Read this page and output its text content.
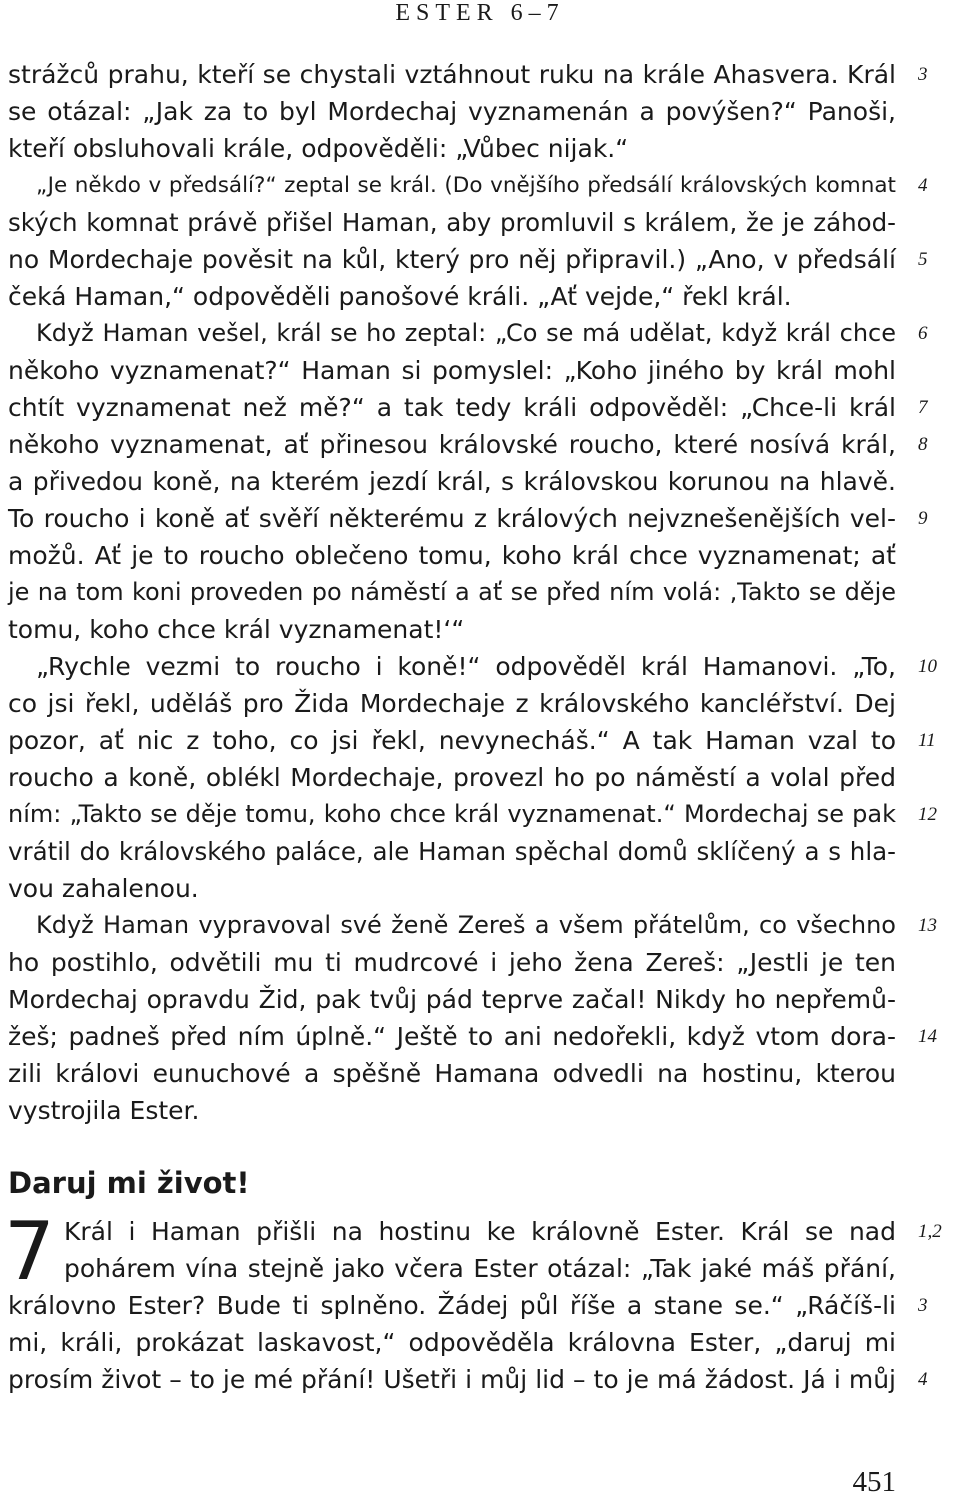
ESTER 6–7
strážců prahu, kteří se chystali vztáhnout ruku na krále Ahasvera. Král 3
se otázal: „Jak za to byl Mordechaj vyznamenán a povýšen?“ Panoši,
kteří obsluhovali krále, odpověděli: „Vůbec nijak.“
„Je někdo v předsálí?“ zeptal se král. (Do vnějšího předsálí královských komnat 4
ských komnat právě přišel Haman, aby promluvil s králem, že je záhod-
no Mordechaje pověsit na kůl, který pro něj připravil.) „Ano, v předsálí 5
čeká Haman,“ odpověděli panošové králi. „Ať vejde,“ řekl král.
Když Haman vešel, král se ho zeptal: „Co se má udělat, když král chce 6
někoho vyznamenat?“ Haman si pomyslel: „Koho jiného by král mohl
chtít vyznamenat než mě?“ a tak tedy králi odpověděl: „Chce-li král 7
někoho vyznamenat, ať přinesou královské roucho, které nosívá král, 8
a přivedou koně, na kterém jezdí král, s královskou korunou na hlavě.
To roucho i koně ať svěří některému z králových nejvznešenějších vel- 9
možů. Ať je to roucho oblečeno tomu, koho král chce vyznamenat; ať
je na tom koni proveden po náměstí a ať se před ním volá: ‚Takto se děje
tomu, koho chce král vyznamenat!‘“
„Rychle vezmi to roucho i koně!“ odpověděl král Hamanovi. „To, 10
co jsi řekl, uděláš pro Žida Mordechaje z královského kancléřství. Dej
pozor, ať nic z toho, co jsi řekl, nevynecháš.“ A tak Haman vzal to 11
roucho a koně, oblékl Mordechaje, provezl ho po náměstí a volal před
ním: „Takto se děje tomu, koho chce král vyznamenat.“ Mordechaj se pak 12
vrátil do královského paláce, ale Haman spěchal domů sklíčený a s hla-
vou zahalenou.
Když Haman vypravoval své ženě Zereš a všem přátelům, co všechno 13
ho postihlo, odvětili mu ti mudrcové i jeho žena Zereš: „Jestli je ten
Mordechaj opravdu Žid, pak tvůj pád teprve začal! Nikdy ho nepřemů-
žeš; padneš před ním úplně.“ Ještě to ani nedořekli, když vtom dora- 14
zili královi eunuchové a spěšně Hamana odvedli na hostinu, kterou
vystrojila Ester.
Daruj mi život!
7 Král i Haman přišli na hostinu ke královně Ester. Král se nad 1,2
pohárem vína stejně jako včera Ester otázal: „Tak jaké máš přání,
královno Ester? Bude ti splněno. Žádej půl říše a stane se.“ „Ráčíš-li 3
mi, králi, prokázat laskavost,“ odpověděla královna Ester, „daruj mi
prosím život – to je mé přání! Ušetři i můj lid – to je má žádost. Já i můj 4
451
